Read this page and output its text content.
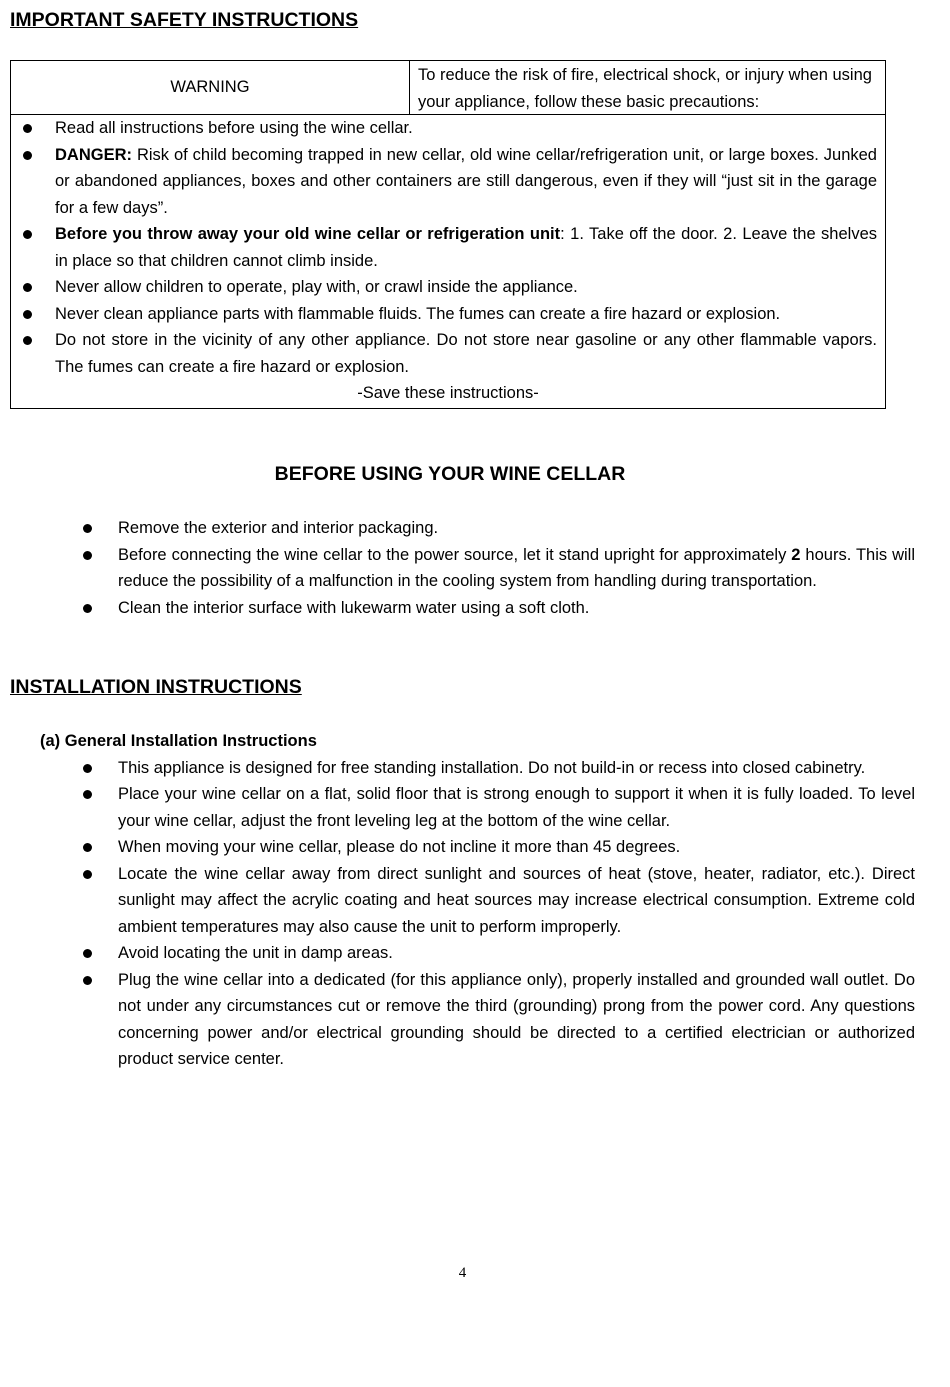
IMPORTANT SAFETY INSTRUCTIONS
WARNING
To reduce the risk of fire, electrical shock, or injury when using your appliance, follow these basic precautions:
Read all instructions before using the wine cellar.
DANGER: Risk of child becoming trapped in new cellar, old wine cellar/refrigeration unit, or large boxes. Junked or abandoned appliances, boxes and other containers are still dangerous, even if they will “just sit in the garage for a few days”.
Before you throw away your old wine cellar or refrigeration unit: 1. Take off the door. 2. Leave the shelves in place so that children cannot climb inside.
Never allow children to operate, play with, or crawl inside the appliance.
Never clean appliance parts with flammable fluids. The fumes can create a fire hazard or explosion.
Do not store in the vicinity of any other appliance. Do not store near gasoline or any other flammable vapors. The fumes can create a fire hazard or explosion.
-Save these instructions-
BEFORE USING YOUR WINE CELLAR
Remove the exterior and interior packaging.
Before connecting the wine cellar to the power source, let it stand upright for approximately 2 hours. This will reduce the possibility of a malfunction in the cooling system from handling during transportation.
Clean the interior surface with lukewarm water using a soft cloth.
INSTALLATION INSTRUCTIONS
(a) General Installation Instructions
This appliance is designed for free standing installation. Do not build-in or recess into closed cabinetry.
Place your wine cellar on a flat, solid floor that is strong enough to support it when it is fully loaded. To level your wine cellar, adjust the front leveling leg at the bottom of the wine cellar.
When moving your wine cellar, please do not incline it more than 45 degrees.
Locate the wine cellar away from direct sunlight and sources of heat (stove, heater, radiator, etc.). Direct sunlight may affect the acrylic coating and heat sources may increase electrical consumption. Extreme cold ambient temperatures may also cause the unit to perform improperly.
Avoid locating the unit in damp areas.
Plug the wine cellar into a dedicated (for this appliance only), properly installed and grounded wall outlet. Do not under any circumstances cut or remove the third (grounding) prong from the power cord. Any questions concerning power and/or electrical grounding should be directed to a certified electrician or authorized product service center.
4
